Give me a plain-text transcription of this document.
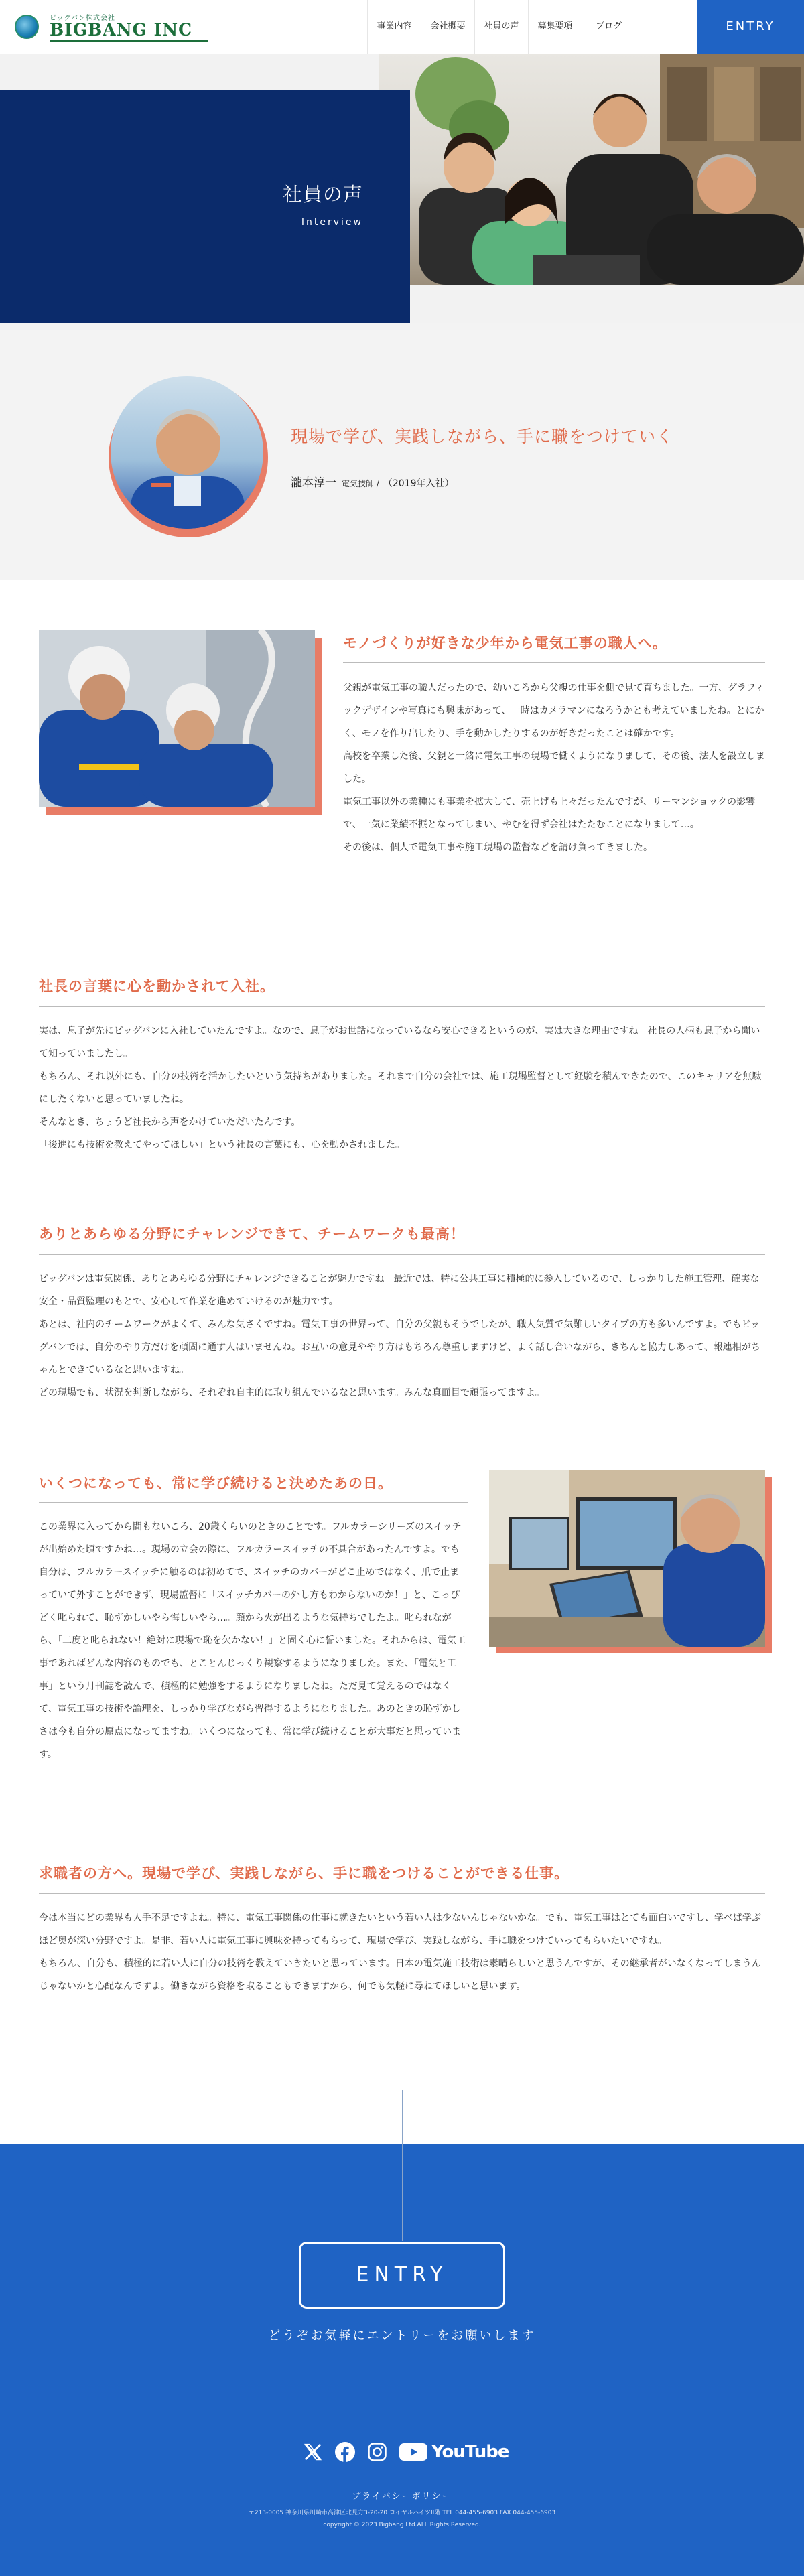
ビッグバン株式会社
BIGBANG INC	事業内容	会社概要	社員の声	募集要項	ブログ	ENTRY
社員の声

Interview

現場で学び、実践しながら、手に職をつけていく
瀧本淳一 電気技師 / （2019年入社）
モノづくりが好きな少年から電気工事の職人へ。

父親が電気工事の職人だったので、幼いころから父親の仕事を側で見て育ちました。一方、グラフィックデザインや写真にも興味があって、一時はカメラマンになろうかとも考えていましたね。とにかく、モノを作り出したり、手を動かしたりするのが好きだったことは確かです。

高校を卒業した後、父親と一緒に電気工事の現場で働くようになりまして、その後、法人を設立しました。

電気工事以外の業種にも事業を拡大して、売上げも上々だったんですが、リーマンショックの影響で、一気に業績不振となってしまい、やむを得ず会社はたたむことになりまして…。

その後は、個人で電気工事や施工現場の監督などを請け負ってきました。

社長の言葉に心を動かされて入社。

実は、息子が先にビッグバンに入社していたんですよ。なので、息子がお世話になっているなら安心できるというのが、実は大きな理由ですね。社長の人柄も息子から聞いて知っていましたし。

もちろん、それ以外にも、自分の技術を活かしたいという気持ちがありました。それまで自分の会社では、施工現場監督として経験を積んできたので、このキャリアを無駄にしたくないと思っていましたね。

そんなとき、ちょうど社長から声をかけていただいたんです。

「後進にも技術を教えてやってほしい」という社長の言葉にも、心を動かされました。

ありとあらゆる分野にチャレンジできて、チームワークも最高！

ビッグバンは電気関係、ありとあらゆる分野にチャレンジできることが魅力ですね。最近では、特に公共工事に積極的に参入しているので、しっかりした施工管理、確実な安全・品質監理のもとで、安心して作業を進めていけるのが魅力です。

あとは、社内のチームワークがよくて、みんな気さくですね。電気工事の世界って、自分の父親もそうでしたが、職人気質で気難しいタイプの方も多いんですよ。でもビッグバンでは、自分のやり方だけを頑固に通す人はいませんね。お互いの意見ややり方はもちろん尊重しますけど、よく話し合いながら、きちんと協力しあって、報連相がちゃんとできているなと思いますね。

どの現場でも、状況を判断しながら、それぞれ自主的に取り組んでいるなと思います。みんな真面目で頑張ってますよ。

いくつになっても、常に学び続けると決めたあの日。

この業界に入ってから間もないころ、20歳くらいのときのことです。フルカラーシリーズのスイッチが出始めた頃ですかね…。現場の立会の際に、フルカラースイッチの不具合があったんですよ。でも自分は、フルカラースイッチに触るのは初めてで、スイッチのカバーがどこ止めではなく、爪で止まっていて外すことができず、現場監督に「スイッチカバーの外し方もわからないのか！」と、こっぴどく叱られて、恥ずかしいやら悔しいやら…。顔から火が出るような気持ちでしたよ。叱られながら、「二度と叱られない！絶対に現場で恥を欠かない！」と固く心に誓いました。それからは、電気工事であればどんな内容のものでも、とことんじっくり観察するようになりました。また、「電気と工事」という月刊誌を読んで、積極的に勉強をするようになりましたね。ただ見て覚えるのではなくて、電気工事の技術や論理を、しっかり学びながら習得するようになりました。あのときの恥ずかしさは今も自分の原点になってますね。いくつになっても、常に学び続けることが大事だと思っています。

求職者の方へ。現場で学び、実践しながら、手に職をつけることができる仕事。

今は本当にどの業界も人手不足ですよね。特に、電気工事関係の仕事に就きたいという若い人は少ないんじゃないかな。でも、電気工事はとても面白いですし、学べば学ぶほど奥が深い分野ですよ。是非、若い人に電気工事に興味を持ってもらって、現場で学び、実践しながら、手に職をつけていってもらいたいですね。

もちろん、自分も、積極的に若い人に自分の技術を教えていきたいと思っています。日本の電気施工技術は素晴らしいと思うんですが、その継承者がいなくなってしまうんじゃないかと心配なんですよ。働きながら資格を取ることもできますから、何でも気軽に尋ねてほしいと思います。

ENTRY
どうぞお気軽にエントリーをお願いします
YouTube
プライバシーポリシー
〒213-0005 神奈川県川崎市高津区北見方3-20-20 ロイヤルハイツII階 TEL 044-455-6903 FAX 044-455-6903
copyright © 2023 Bigbang Ltd.ALL Rights Reserved.
